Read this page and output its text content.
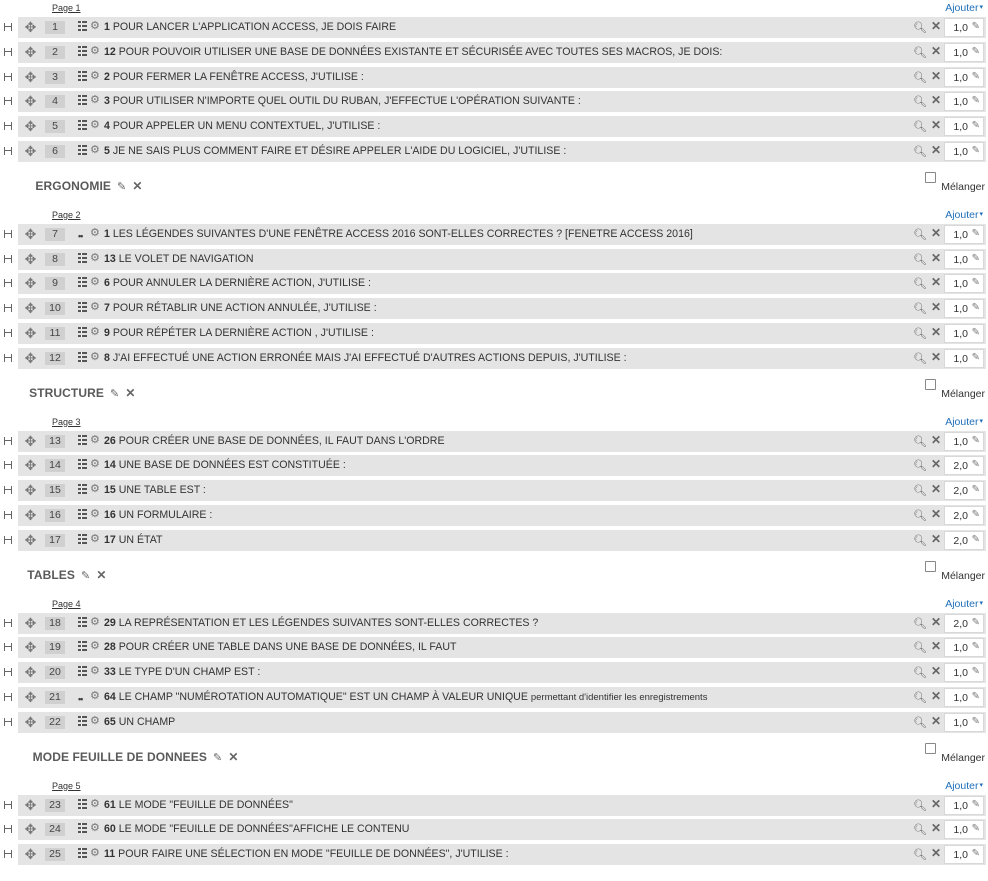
Page 1	Ajouter▾
✥	1	⚙ 1 POUR LANCER L'APPLICATION ACCESS, JE DOIS FAIRE	🔍︎ ✕ 1,0 ✎
✥	2	⚙ 12 POUR POUVOIR UTILISER UNE BASE DE DONNÉES EXISTANTE ET SÉCURISÉE AVEC TOUTES SES MACROS, JE DOIS:	🔍︎ ✕ 1,0 ✎
✥	3	⚙ 2 POUR FERMER LA FENÊTRE ACCESS, J'UTILISE :	🔍︎ ✕ 1,0 ✎
✥	4	⚙ 3 POUR UTILISER N'IMPORTE QUEL OUTIL DU RUBAN, J'EFFECTUE L'OPÉRATION SUIVANTE :	🔍︎ ✕ 1,0 ✎
✥	5	⚙ 4 POUR APPELER UN MENU CONTEXTUEL, J'UTILISE :	🔍︎ ✕ 1,0 ✎
✥	6	⚙ 5 JE NE SAIS PLUS COMMENT FAIRE ET DÉSIRE APPELER L'AIDE DU LOGICIEL, J'UTILISE :	🔍︎ ✕ 1,0 ✎
ERGONOMIE ✎ ✕	Mélanger
Page 2	Ajouter▾
✥	7	•• ⚙ 1 LES LÉGENDES SUIVANTES D'UNE FENÊTRE ACCESS 2016 SONT-ELLES CORRECTES ? [FENETRE ACCESS 2016]	🔍︎ ✕ 1,0 ✎
✥	8	⚙ 13 LE VOLET DE NAVIGATION	🔍︎ ✕ 1,0 ✎
✥	9	⚙ 6 POUR ANNULER LA DERNIÈRE ACTION, J'UTILISE :	🔍︎ ✕ 1,0 ✎
✥	10	⚙ 7 POUR RÉTABLIR UNE ACTION ANNULÉE, J'UTILISE :	🔍︎ ✕ 1,0 ✎
✥	11	⚙ 9 POUR RÉPÉTER LA DERNIÈRE ACTION , J'UTILISE :	🔍︎ ✕ 1,0 ✎
✥	12	⚙ 8 J'AI EFFECTUÉ UNE ACTION ERRONÉE MAIS J'AI EFFECTUÉ D'AUTRES ACTIONS DEPUIS, J'UTILISE :	🔍︎ ✕ 1,0 ✎
STRUCTURE ✎ ✕	Mélanger
Page 3	Ajouter▾
✥	13	⚙ 26 POUR CRÉER UNE BASE DE DONNÉES, IL FAUT DANS L'ORDRE	🔍︎ ✕ 1,0 ✎
✥	14	⚙ 14 UNE BASE DE DONNÉES EST CONSTITUÉE :	🔍︎ ✕ 2,0 ✎
✥	15	⚙ 15 UNE TABLE EST :	🔍︎ ✕ 2,0 ✎
✥	16	⚙ 16 UN FORMULAIRE :	🔍︎ ✕ 2,0 ✎
✥	17	⚙ 17 UN ÉTAT	🔍︎ ✕ 2,0 ✎
TABLES ✎ ✕	Mélanger
Page 4	Ajouter▾
✥	18	⚙ 29 LA REPRÉSENTATION ET LES LÉGENDES SUIVANTES SONT-ELLES CORRECTES ?	🔍︎ ✕ 2,0 ✎
✥	19	⚙ 28 POUR CRÉER UNE TABLE DANS UNE BASE DE DONNÉES, IL FAUT	🔍︎ ✕ 1,0 ✎
✥	20	⚙ 33 LE TYPE D'UN CHAMP EST :	🔍︎ ✕ 1,0 ✎
✥	21	•• ⚙ 64 LE CHAMP "NUMÉROTATION AUTOMATIQUE" EST UN CHAMP À VALEUR UNIQUE permettant d'identifier les enregistrements	🔍︎ ✕ 1,0 ✎
✥	22	⚙ 65 UN CHAMP	🔍︎ ✕ 1,0 ✎
MODE FEUILLE DE DONNEES ✎ ✕	Mélanger
Page 5	Ajouter▾
✥	23	⚙ 61 LE MODE "FEUILLE DE DONNÉES"	🔍︎ ✕ 1,0 ✎
✥	24	⚙ 60 LE MODE "FEUILLE DE DONNÉES"AFFICHE LE CONTENU	🔍︎ ✕ 1,0 ✎
✥	25	⚙ 11 POUR FAIRE UNE SÉLECTION EN MODE "FEUILLE DE DONNÉES", J'UTILISE :	🔍︎ ✕ 1,0 ✎
